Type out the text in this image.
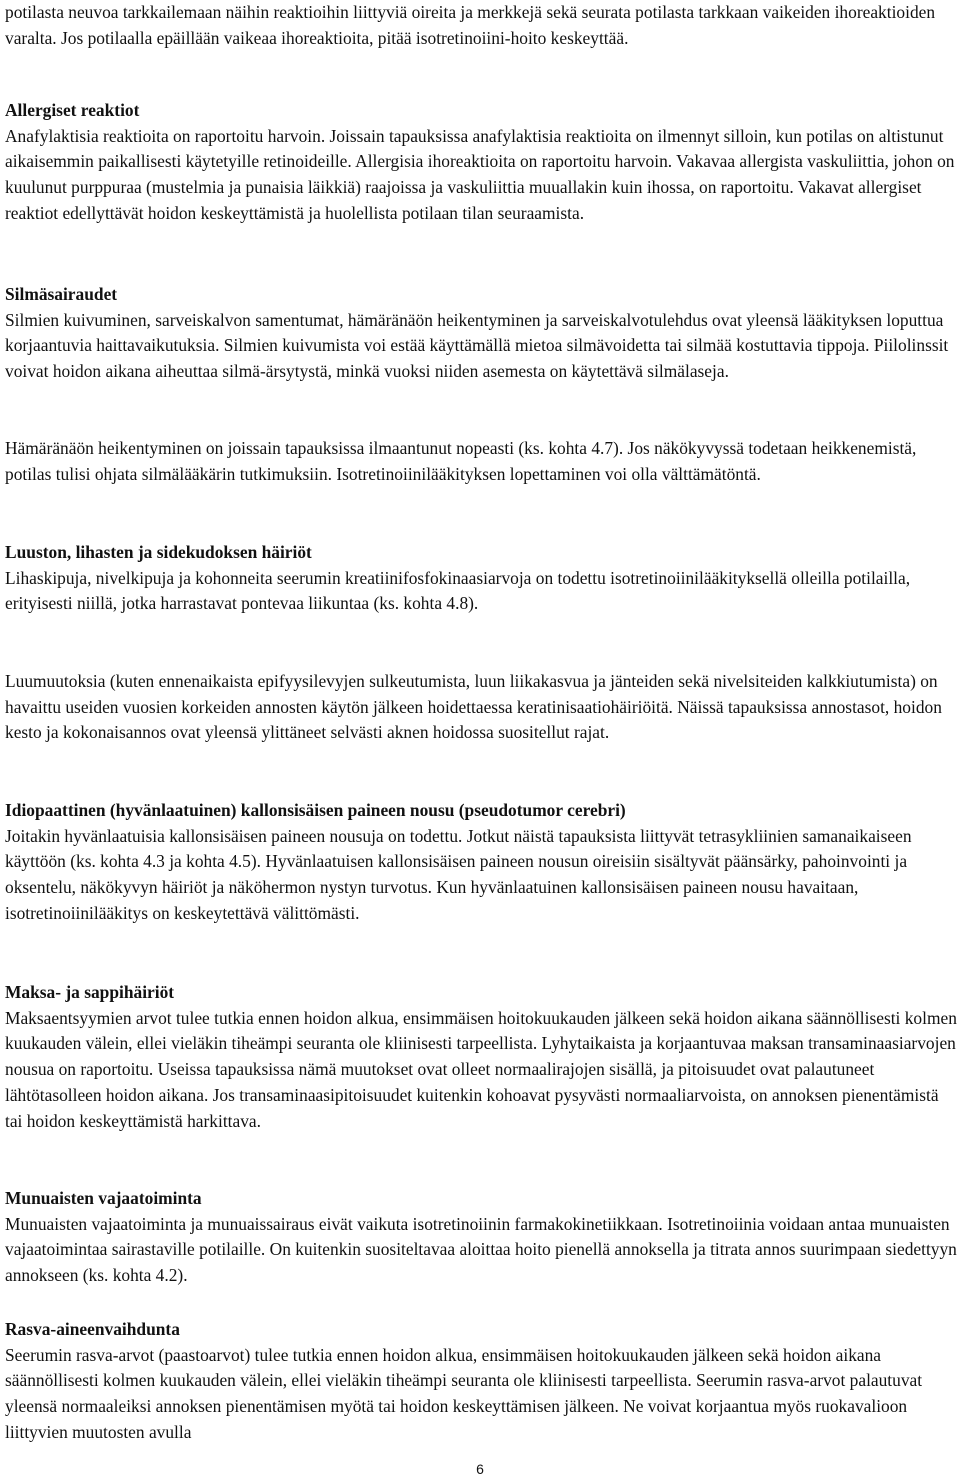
potilasta neuvoa tarkkailemaan näihin reaktioihin liittyviä oireita ja merkkejä sekä seurata potilasta tarkkaan vaikeiden ihoreaktioiden varalta. Jos potilaalla epäillään vaikeaa ihoreaktioita, pitää isotretinoiini-hoito keskeyttää.

Allergiset reaktiot

Anafylaktisia reaktioita on raportoitu harvoin. Joissain tapauksissa anafylaktisia reaktioita on ilmennyt silloin, kun potilas on altistunut aikaisemmin paikallisesti käytetyille retinoideille. Allergisia ihoreaktioita on raportoitu harvoin. Vakavaa allergista vaskuliittia, johon on kuulunut purppuraa (mustelmia ja punaisia läikkiä) raajoissa ja vaskuliittia muuallakin kuin ihossa, on raportoitu. Vakavat allergiset reaktiot edellyttävät hoidon keskeyttämistä ja huolellista potilaan tilan seuraamista.

Silmäsairaudet

Silmien kuivuminen, sarveiskalvon samentumat, hämäränäön heikentyminen ja sarveiskalvotulehdus ovat yleensä lääkityksen loputtua korjaantuvia haittavaikutuksia. Silmien kuivumista voi estää käyttämällä mietoa silmävoidetta tai silmää kostuttavia tippoja. Piilolinssit voivat hoidon aikana aiheuttaa silmä-ärsytystä, minkä vuoksi niiden asemesta on käytettävä silmälaseja.

Hämäränäön heikentyminen on joissain tapauksissa ilmaantunut nopeasti (ks. kohta 4.7). Jos näkökyvyssä todetaan heikkenemistä, potilas tulisi ohjata silmälääkärin tutkimuksiin. Isotretinoiinilääkityksen lopettaminen voi olla välttämätöntä.

Luuston, lihasten ja sidekudoksen häiriöt

Lihaskipuja, nivelkipuja ja kohonneita seerumin kreatiinifosfokinaasiarvoja on todettu isotretinoiinilääkityksellä olleilla potilailla, erityisesti niillä, jotka harrastavat pontevaa liikuntaa (ks. kohta 4.8).

Luumuutoksia (kuten ennenaikaista epifyysilevyjen sulkeutumista, luun liikakasvua ja jänteiden sekä nivelsiteiden kalkkiutumista) on havaittu useiden vuosien korkeiden annosten käytön jälkeen hoidettaessa keratinisaatiohäiriöitä. Näissä tapauksissa annostasot, hoidon kesto ja kokonaisannos ovat yleensä ylittäneet selvästi aknen hoidossa suositellut rajat.

Idiopaattinen (hyvänlaatuinen) kallonsisäisen paineen nousu (pseudotumor cerebri)

Joitakin hyvänlaatuisia kallonsisäisen paineen nousuja on todettu. Jotkut näistä tapauksista liittyvät tetrasykliinien samanaikaiseen käyttöön (ks. kohta 4.3 ja kohta 4.5). Hyvänlaatuisen kallonsisäisen paineen nousun oireisiin sisältyvät päänsärky, pahoinvointi ja oksentelu, näkökyvyn häiriöt ja näköhermon nystyn turvotus. Kun hyvänlaatuinen kallonsisäisen paineen nousu havaitaan, isotretinoiinilääkitys on keskeytettävä välittömästi.

Maksa- ja sappihäiriöt

Maksaentsyymien arvot tulee tutkia ennen hoidon alkua, ensimmäisen hoitokuukauden jälkeen sekä hoidon aikana säännöllisesti kolmen kuukauden välein, ellei vieläkin tiheämpi seuranta ole kliinisesti tarpeellista. Lyhytaikaista ja korjaantuvaa maksan transaminaasiarvojen nousua on raportoitu. Useissa tapauksissa nämä muutokset ovat olleet normaalirajojen sisällä, ja pitoisuudet ovat palautuneet lähtötasolleen hoidon aikana. Jos transaminaasipitoisuudet kuitenkin kohoavat pysyvästi normaaliarvoista, on annoksen pienentämistä tai hoidon keskeyttämistä harkittava.

Munuaisten vajaatoiminta

Munuaisten vajaatoiminta ja munuaissairaus eivät vaikuta isotretinoiinin farmakokinetiikkaan. Isotretinoiinia voidaan antaa munuaisten vajaatoimintaa sairastaville potilaille. On kuitenkin suositeltavaa aloittaa hoito pienellä annoksella ja titrata annos suurimpaan siedettyyn annokseen (ks. kohta 4.2).

Rasva-aineenvaihdunta

Seerumin rasva-arvot (paastoarvot) tulee tutkia ennen hoidon alkua, ensimmäisen hoitokuukauden jälkeen sekä hoidon aikana säännöllisesti kolmen kuukauden välein, ellei vieläkin tiheämpi seuranta ole kliinisesti tarpeellista. Seerumin rasva-arvot palautuvat yleensä normaaleiksi annoksen pienentämisen myötä tai hoidon keskeyttämisen jälkeen. Ne voivat korjaantua myös ruokavalioon liittyvien muutosten avulla

6
